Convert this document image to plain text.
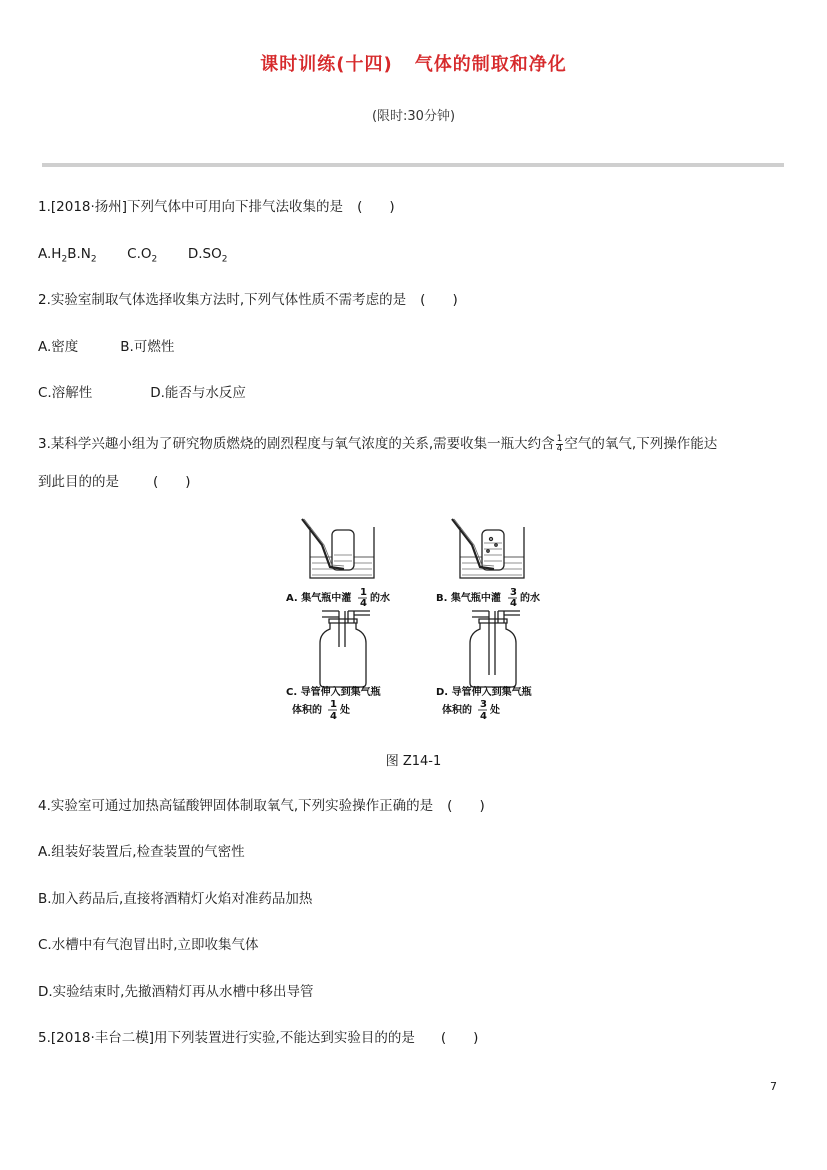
课时训练(十四) 气体的制取和净化
(限时:30分钟)
1.[2018·扬州]下列气体中可用向下排气法收集的是 (　　)
$A.H_2B.N_2$ $C.O_2$ $D.SO_2$
2.实验室制取气体选择收集方法时,下列气体性质不需考虑的是 (　　)
A.密度	B.可燃性
C.溶解性	D.能否与水反应
3.某科学兴趣小组为了研究物质燃烧的剧烈程度与氧气浓度的关系,需要收集一瓶大约含 $\frac{1}{4}$ 空气的氧气,下列操作能达
到此目的的是	(　　)
A. 集气瓶中灌
1
4 的水	B. 集气瓶中灌
3
4 的水
C. 导管伸入到集气瓶
体积的
1
4
处
D. 导管伸入到集气瓶
体积的
3
4
处
图 Z14-1
4.实验室可通过加热高锰酸钾固体制取氧气,下列实验操作正确的是 (　　)
A.组装好装置后,检查装置的气密性
B.加入药品后,直接将酒精灯火焰对准药品加热
C.水槽中有气泡冒出时,立即收集气体
D.实验结束时,先撤酒精灯再从水槽中移出导管
5.[2018·丰台二模]用下列装置进行实验,不能达到实验目的的是 (　　)
7
